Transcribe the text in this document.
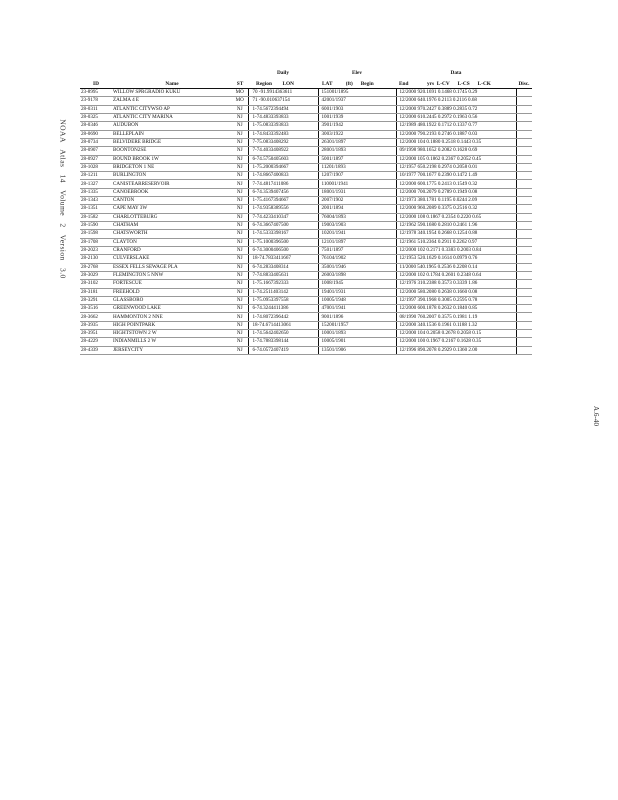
NOAA Atlas 14 Volume 2 Version 3.0
A.6-40
			Daily	Elev	Data	
ID	Name	ST	Region LON	LAT (ft) Begin	End yrs L-CV L-CS L-CK	Disc.
23-8995	WILLOW SPRGRADIO KUKU	MO	70 -91.9914363611	151001/1895	12/2000 920.1691 0.1468 0.1745 0.29	
23-9178	ZALMA 4 E	MO	71 -90.010637154	42001/1937	12/2000 640.1976 0.2113 0.2116 0.68	
28-0311	ATLANTIC CITYWSO AP	NJ	1-74.5672394494	6001/1903	12/2000 970.2427 0.3889 0.2835 0.72	
28-0325	ATLANTIC CITY MARINA	NJ	1-74.4833393833	1001/1939	12/2000 610.2445 0.2972 0.1963 0.56	
28-0346	AUDUBON	NJ	1-75.0833393833	3901/1942	12/1989 480.1922 0.1712 0.1337 0.77	
28-0690	BELLEPLAIN	NJ	1-74.8433392483	3003/1922	12/2000 790.2193 0.2746 0.1887 0.03	
28-0734	BELVIDERE BRIDGE	NJ	7-75.0833408292	26301/1897	12/2000 104 0.1880 0.2518 0.1443 0.35	
28-0907	BOONTON2SE	NJ	7-74.4033408922	28001/1893	09/1998 980.1652 0.2082 0.1628 0.69	
28-0927	BOUND BROOK 1W	NJ	6-74.5750405603	5001/1897	12/2000 105 0.1862 0.2367 0.2052 0.45	
28-1028	BRIDGETON 1 NE	NJ	1-75.2000394667	11201/1893	12/1957 650.2198 0.2974 0.2058 0.01	
28-1211	BURLINGTON	NJ	1-74.8667400833	1207/1907	10/1977 700.1677 0.2390 0.1472 1.49	
28-1327	CANISTEARRESERVOIR	NJ	7-74.4817411086	110001/1941	12/2000 600.1775 0.2413 0.1549 0.32	
28-1335	CANOEBROOK	NJ	6-74.3539407456	18001/1931	12/2000 700.2079 0.2789 0.1949 0.08	
28-1343	CANTON	NJ	1-75.4167394667	2007/1902	12/1973 380.1781 0.1195 0.0244 2.09	
28-1351	CAPE MAY 3W	NJ	1-74.9358389556	2001/1894	12/2000 960.2089 0.3375 0.2516 0.32	
28-1582	CHARLOTTEBURG	NJ	7-74.4233410347	76004/1893	12/2000 108 0.1867 0.2354 0.2220 0.65	
28-1590	CHATHAM	NJ	6-74.3667407500	19003/1903	12/1962 590.1680 0.2810 0.2461 1.96	
28-1598	CHATSWORTH	NJ	1-74.5333398167	10201/1941	12/1978 340.1954 0.2668 0.1254 0.88	
28-1708	CLAYTON	NJ	1-75.1000396500	12101/1897	12/1961 510.2364 0.2911 0.2262 0.97	
28-2023	CRANFORD	NJ	6-74.3000406500	7501/1897	12/2000 102 0.2171 0.3383 0.2003 0.84	
28-2130	CULVERSLAKE	NJ	18-74.7833411667	76104/1902	12/1953 520.1629 0.1614 0.0979 0.76	
28-2768	ESSEX FELLS SEWAGE PLA	NJ	6-74.2833408314	35001/1946	11/2000 540.1965 0.2536 0.2208 0.14	
28-3029	FLEMINGTON 5 NNW	NJ	7-74.8833405631	26003/1898	12/2000 102 0.1784 0.2601 0.2348 0.64	
28-3102	FORTESCUE	NJ	1-75.1667392333	1008/1945	12/1976 310.2388 0.3573 0.3339 1.86	
28-3181	FREEHOLD	NJ	1-74.2511403142	19401/1931	12/2000 580.2080 0.2638 0.1660 0.08	
28-3291	GLASSBORO	NJ	1-75.0953397558	10005/1948	12/1997 390.1968 0.3005 0.2595 0.78	
28-3516	GREENWOOD LAKE	NJ	6-74.3244411386	47001/1941	12/2000 600.1878 0.2632 0.1840 0.85	
28-3662	HAMMONTON 2 NNE	NJ	1-74.8072396442	9001/1896	08/1990 760.2007 0.3575 0.1981 1.19	
28-3935	HIGH POINTPARK	NJ	18-74.6714413061	152001/1957	12/2000 340.1536 0.1961 0.1188 1.32	
28-3951	HIGHTSTOWN 2 W	NJ	1-74.5642402650	10001/1893	12/2000 104 0.2058 0.2678 0.2058 0.15	
28-4229	INDIANMILLS 2 W	NJ	1-74.7883398144	10005/1901	12/2000 100 0.1967 0.2167 0.1628 0.35	
28-4339	JERSEYCITY	NJ	6-74.0572407419	13501/1906	12/1996 890.2078 0.2929 0.1360 2.00	
